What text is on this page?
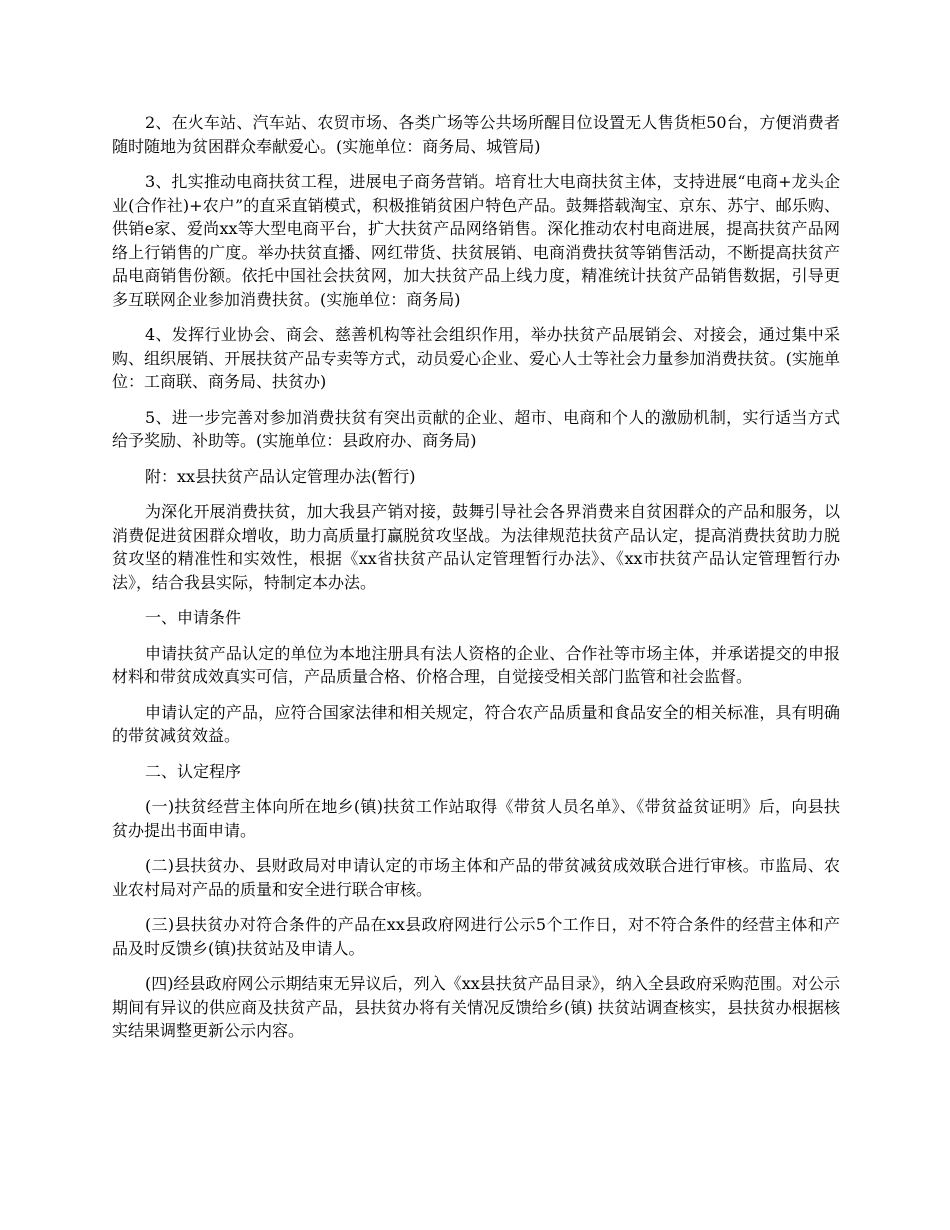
2、在火车站、汽车站、农贸市场、各类广场等公共场所醒目位设置无人售货柜50台，方便消费者随时随地为贫困群众奉献爱心。(实施单位：商务局、城管局)

3、扎实推动电商扶贫工程，进展电子商务营销。培育壮大电商扶贫主体，支持进展“电商+龙头企业(合作社)+农户”的直采直销模式，积极推销贫困户特色产品。鼓舞搭载淘宝、京东、苏宁、邮乐购、供销e家、爱尚xx等大型电商平台，扩大扶贫产品网络销售。深化推动农村电商进展，提高扶贫产品网络上行销售的广度。举办扶贫直播、网红带货、扶贫展销、电商消费扶贫等销售活动，不断提高扶贫产品电商销售份额。依托中国社会扶贫网，加大扶贫产品上线力度，精准统计扶贫产品销售数据，引导更多互联网企业参加消费扶贫。(实施单位：商务局)

4、发挥行业协会、商会、慈善机构等社会组织作用，举办扶贫产品展销会、对接会，通过集中采购、组织展销、开展扶贫产品专卖等方式，动员爱心企业、爱心人士等社会力量参加消费扶贫。(实施单位：工商联、商务局、扶贫办)

5、进一步完善对参加消费扶贫有突出贡献的企业、超市、电商和个人的激励机制，实行适当方式给予奖励、补助等。(实施单位：县政府办、商务局)

附：xx县扶贫产品认定管理办法(暂行)

为深化开展消费扶贫，加大我县产销对接，鼓舞引导社会各界消费来自贫困群众的产品和服务，以消费促进贫困群众增收，助力高质量打赢脱贫攻坚战。为法律规范扶贫产品认定，提高消费扶贫助力脱贫攻坚的精准性和实效性，根据《xx省扶贫产品认定管理暂行办法》、《xx市扶贫产品认定管理暂行办法》，结合我县实际，特制定本办法。

一、申请条件

申请扶贫产品认定的单位为本地注册具有法人资格的企业、合作社等市场主体，并承诺提交的申报材料和带贫成效真实可信，产品质量合格、价格合理，自觉接受相关部门监管和社会监督。

申请认定的产品，应符合国家法律和相关规定，符合农产品质量和食品安全的相关标准，具有明确的带贫减贫效益。

二、认定程序

(一)扶贫经营主体向所在地乡(镇)扶贫工作站取得《带贫人员名单》、《带贫益贫证明》后，向县扶贫办提出书面申请。

(二)县扶贫办、县财政局对申请认定的市场主体和产品的带贫减贫成效联合进行审核。市监局、农业农村局对产品的质量和安全进行联合审核。

(三)县扶贫办对符合条件的产品在xx县政府网进行公示5个工作日，对不符合条件的经营主体和产品及时反馈乡(镇)扶贫站及申请人。

(四)经县政府网公示期结束无异议后，列入《xx县扶贫产品目录》，纳入全县政府采购范围。对公示期间有异议的供应商及扶贫产品，县扶贫办将有关情况反馈给乡(镇) 扶贫站调查核实，县扶贫办根据核实结果调整更新公示内容。
